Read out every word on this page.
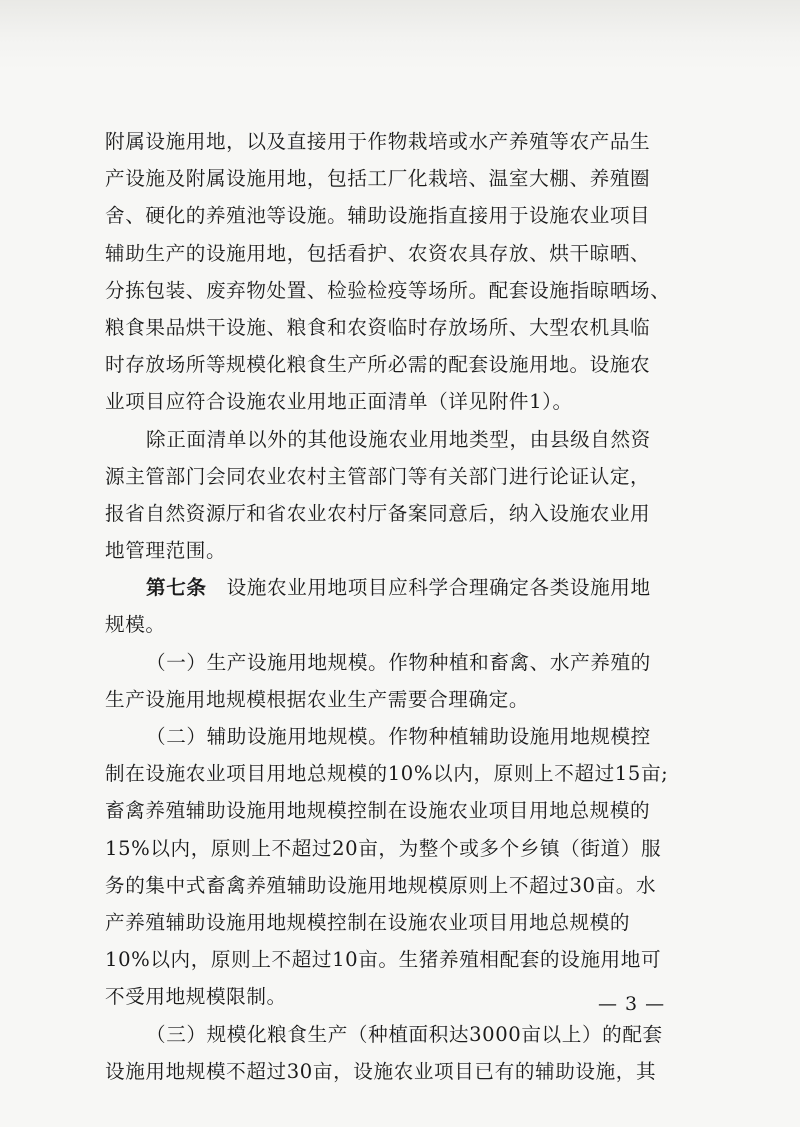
附属设施用地，以及直接用于作物栽培或水产养殖等农产品生
产设施及附属设施用地，包括工厂化栽培、温室大棚、养殖圈
舍、硬化的养殖池等设施。辅助设施指直接用于设施农业项目
辅助生产的设施用地，包括看护、农资农具存放、烘干晾晒、
分拣包装、废弃物处置、检验检疫等场所。配套设施指晾晒场、
粮食果品烘干设施、粮食和农资临时存放场所、大型农机具临
时存放场所等规模化粮食生产所必需的配套设施用地。设施农
业项目应符合设施农业用地正面清单（详见附件1）。
除正面清单以外的其他设施农业用地类型，由县级自然资
源主管部门会同农业农村主管部门等有关部门进行论证认定，
报省自然资源厅和省农业农村厅备案同意后，纳入设施农业用
地管理范围。
第七条 设施农业用地项目应科学合理确定各类设施用地
规模。
（一）生产设施用地规模。作物种植和畜禽、水产养殖的
生产设施用地规模根据农业生产需要合理确定。
（二）辅助设施用地规模。作物种植辅助设施用地规模控
制在设施农业项目用地总规模的10%以内，原则上不超过15亩;
畜禽养殖辅助设施用地规模控制在设施农业项目用地总规模的
15%以内，原则上不超过20亩，为整个或多个乡镇（街道）服
务的集中式畜禽养殖辅助设施用地规模原则上不超过30亩。水
产养殖辅助设施用地规模控制在设施农业项目用地总规模的
10%以内，原则上不超过10亩。生猪养殖相配套的设施用地可
不受用地规模限制。
（三）规模化粮食生产（种植面积达3000亩以上）的配套
设施用地规模不超过30亩，设施农业项目已有的辅助设施，其
— 3 —
